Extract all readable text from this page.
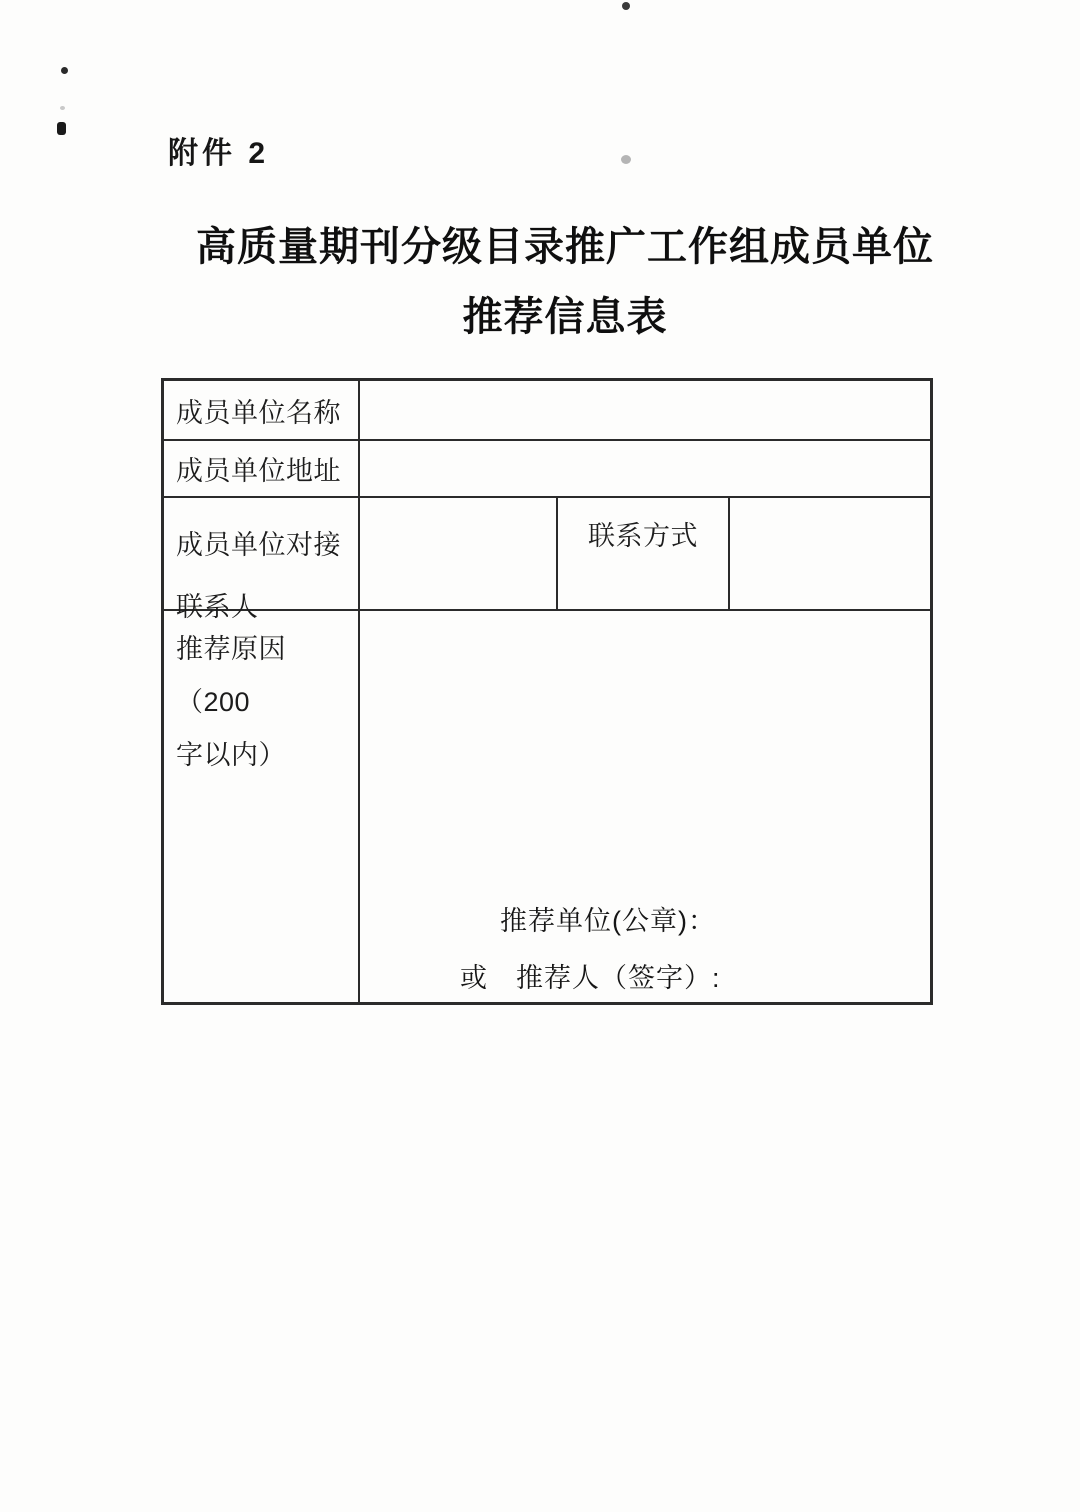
附件 2
高质量期刊分级目录推广工作组成员单位
推荐信息表
成员单位名称
成员单位地址
成员单位对接
联系人
联系方式
推荐原因（200
字以内）
推荐单位(公章)：
或　推荐人（签字）:
